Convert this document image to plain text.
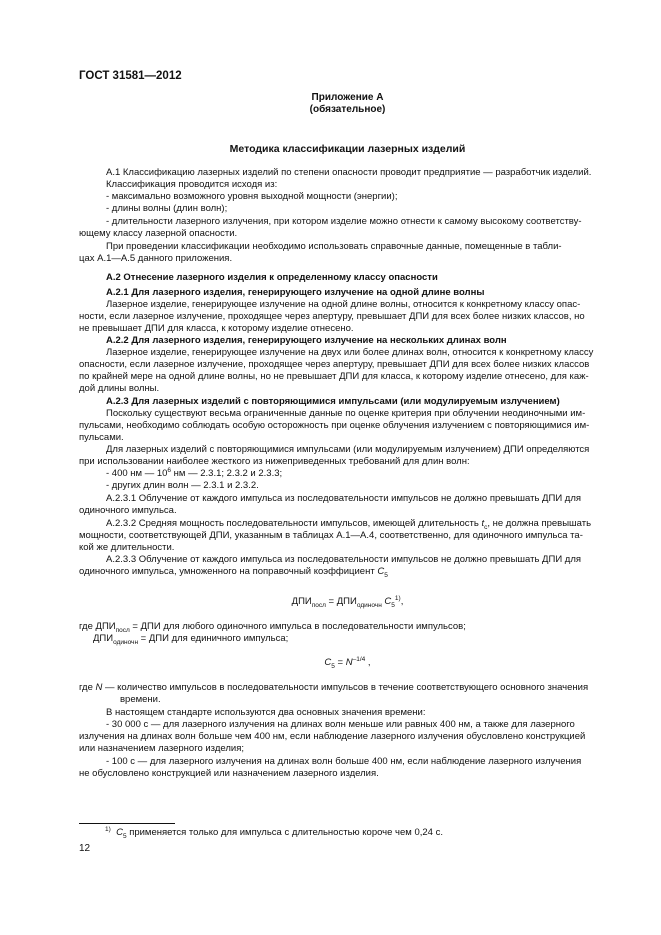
ГОСТ 31581—2012
Приложение А
(обязательное)
Методика классификации лазерных изделий
А.1 Классификацию лазерных изделий по степени опасности проводит предприятие — разработчик изделий.
Классификация проводится исходя из:
- максимально возможного уровня выходной мощности (энергии);
- длины волны (длин волн);
- длительности лазерного излучения, при котором изделие можно отнести к самому высокому соответству-
ющему классу лазерной опасности.
При проведении классификации необходимо использовать справочные данные, помещенные в табли-
цах А.1—А.5 данного приложения.
А.2 Отнесение лазерного изделия к определенному классу опасности
А.2.1 Для лазерного изделия, генерирующего излучение на одной длине волны
Лазерное изделие, генерирующее излучение на одной длине волны, относится к конкретному классу опас-
ности, если лазерное излучение, проходящее через апертуру, превышает ДПИ для всех более низких классов, но
не превышает ДПИ для класса, к которому изделие отнесено.
А.2.2 Для лазерного изделия, генерирующего излучение на нескольких длинах волн
Лазерное изделие, генерирующее излучение на двух или более длинах волн, относится к конкретному классу
опасности, если лазерное излучение, проходящее через апертуру, превышает ДПИ для всех более низких классов
по крайней мере на одной длине волны, но не превышает ДПИ для класса, к которому изделие отнесено, для каж-
дой длины волны.
А.2.3 Для лазерных изделий с повторяющимися импульсами (или модулируемым излучением)
Поскольку существуют весьма ограниченные данные по оценке критерия при облучении неодиночными им-
пульсами, необходимо соблюдать особую осторожность при оценке облучения излучением с повторяющимися им-
пульсами.
Для лазерных изделий с повторяющимися импульсами (или модулируемым излучением) ДПИ определяются
при использовании наиболее жесткого из нижеприведенных требований для длин волн:
- 400 нм — $10^6$ нм — 2.3.1; 2.3.2 и 2.3.3;
- других длин волн — 2.3.1 и 2.3.2.
А.2.3.1 Облучение от каждого импульса из последовательности импульсов не должно превышать ДПИ для
одиночного импульса.
А.2.3.2 Средняя мощность последовательности импульсов, имеющей длительность $t_с$, не должна превышать
мощности, соответствующей ДПИ, указанным в таблицах А.1—А.4, соответственно, для одиночного импульса та-
кой же длительности.
А.2.3.3 Облучение от каждого импульса из последовательности импульсов не должно превышать ДПИ для
одиночного импульса, умноженного на поправочный коэффициент $C_5$
$ДПИ_{посл} = ДПИ_{одиночн}$ $C_5^{1)}$,
где $ДПИ_{посл}$ = ДПИ для любого одиночного импульса в последовательности импульсов;
$ДПИ_{одиночн}$ = ДПИ для единичного импульса;
$C_5 = N^{-1/4}$ ,
где N — количество импульсов в последовательности импульсов в течение соответствующего основного значения
времени.
В настоящем стандарте используются два основных значения времени:
- 30 000 с — для лазерного излучения на длинах волн меньше или равных 400 нм, а также для лазерного
излучения на длинах волн больше чем 400 нм, если наблюдение лазерного излучения обусловлено конструкцией
или назначением лазерного изделия;
- 100 с — для лазерного излучения на длинах волн больше 400 нм, если наблюдение лазерного излучения
не обусловлено конструкцией или назначением лазерного изделия.
$^{1)}$ $C_5$ применяется только для импульса с длительностью короче чем 0,24 с.
12
